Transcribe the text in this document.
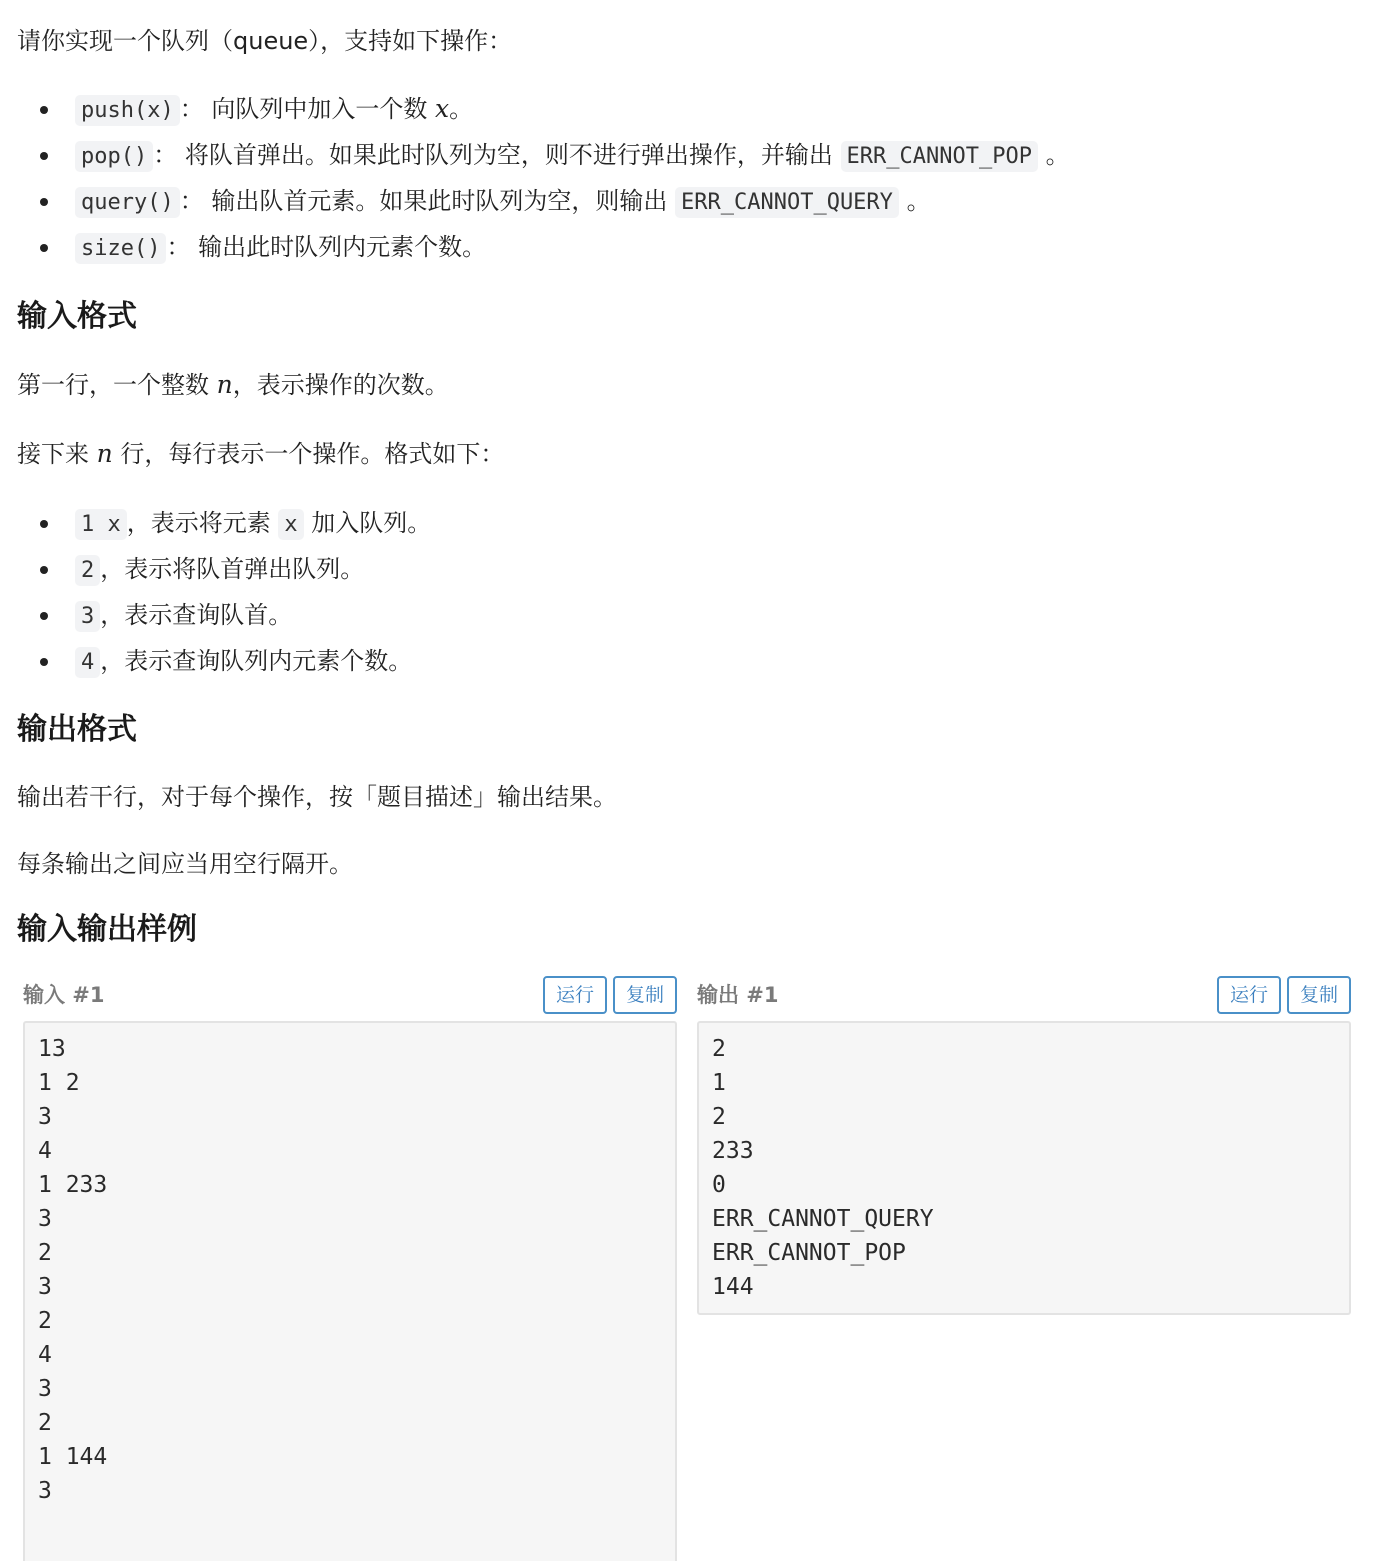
请你实现一个队列（queue），支持如下操作：

push(x) ： 向队列中加入一个数 x。
pop() ： 将队首弹出。如果此时队列为空，则不进行弹出操作，并输出 ERR_CANNOT_POP 。
query() ： 输出队首元素。如果此时队列为空，则输出 ERR_CANNOT_QUERY 。
size() ： 输出此时队列内元素个数。
输入格式

第一行，一个整数 n，表示操作的次数。

接下来 n 行，每行表示一个操作。格式如下：

1 x ，表示将元素 x 加入队列。
2 ，表示将队首弹出队列。
3 ，表示查询队首。
4 ，表示查询队列内元素个数。
输出格式

输出若干行，对于每个操作，按「题目描述」输出结果。

每条输出之间应当用空行隔开。

输入输出样例
输入 #1	运行 复制
13
1 2
3
4
1 233
3
2
3
2
4
3
2
1 144
3
输出 #1	运行 复制
2
1
2
233
0
ERR_CANNOT_QUERY
ERR_CANNOT_POP
144
